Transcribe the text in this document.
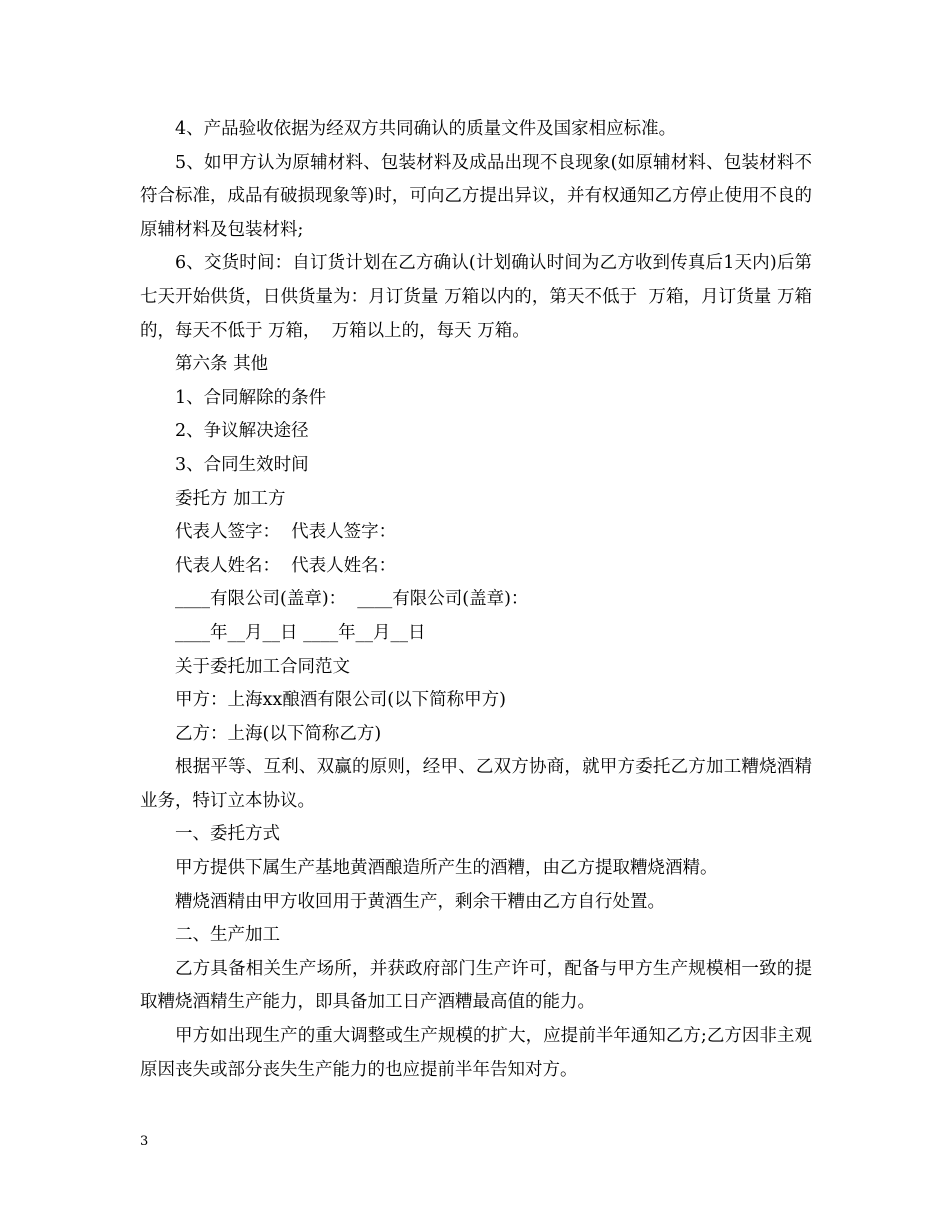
4、产品验收依据为经双方共同确认的质量文件及国家相应标准。

5、如甲方认为原辅材料、包装材料及成品出现不良现象(如原辅材料、包装材料不符合标准，成品有破损现象等)时，可向乙方提出异议，并有权通知乙方停止使用不良的原辅材料及包装材料;

6、交货时间：自订货计划在乙方确认(计划确认时间为乙方收到传真后1天内)后第七天开始供货，日供货量为：月订货量 万箱以内的，第天不低于  万箱，月订货量 万箱的，每天不低于 万箱，  万箱以上的，每天 万箱。

第六条 其他

1、合同解除的条件

2、争议解决途径

3、合同生效时间

委托方 加工方

代表人签字：  代表人签字：

代表人姓名：  代表人姓名：

____有限公司(盖章)：  ____有限公司(盖章)：

____年__月__日 ____年__月__日

关于委托加工合同范文

甲方：上海xx酿酒有限公司(以下简称甲方)

乙方：上海(以下简称乙方)

根据平等、互利、双赢的原则，经甲、乙双方协商，就甲方委托乙方加工糟烧酒精业务，特订立本协议。

一、委托方式

甲方提供下属生产基地黄酒酿造所产生的酒糟，由乙方提取糟烧酒精。

糟烧酒精由甲方收回用于黄酒生产，剩余干糟由乙方自行处置。

二、生产加工

乙方具备相关生产场所，并获政府部门生产许可，配备与甲方生产规模相一致的提取糟烧酒精生产能力，即具备加工日产酒糟最高值的能力。

甲方如出现生产的重大调整或生产规模的扩大，应提前半年通知乙方;乙方因非主观原因丧失或部分丧失生产能力的也应提前半年告知对方。

3
